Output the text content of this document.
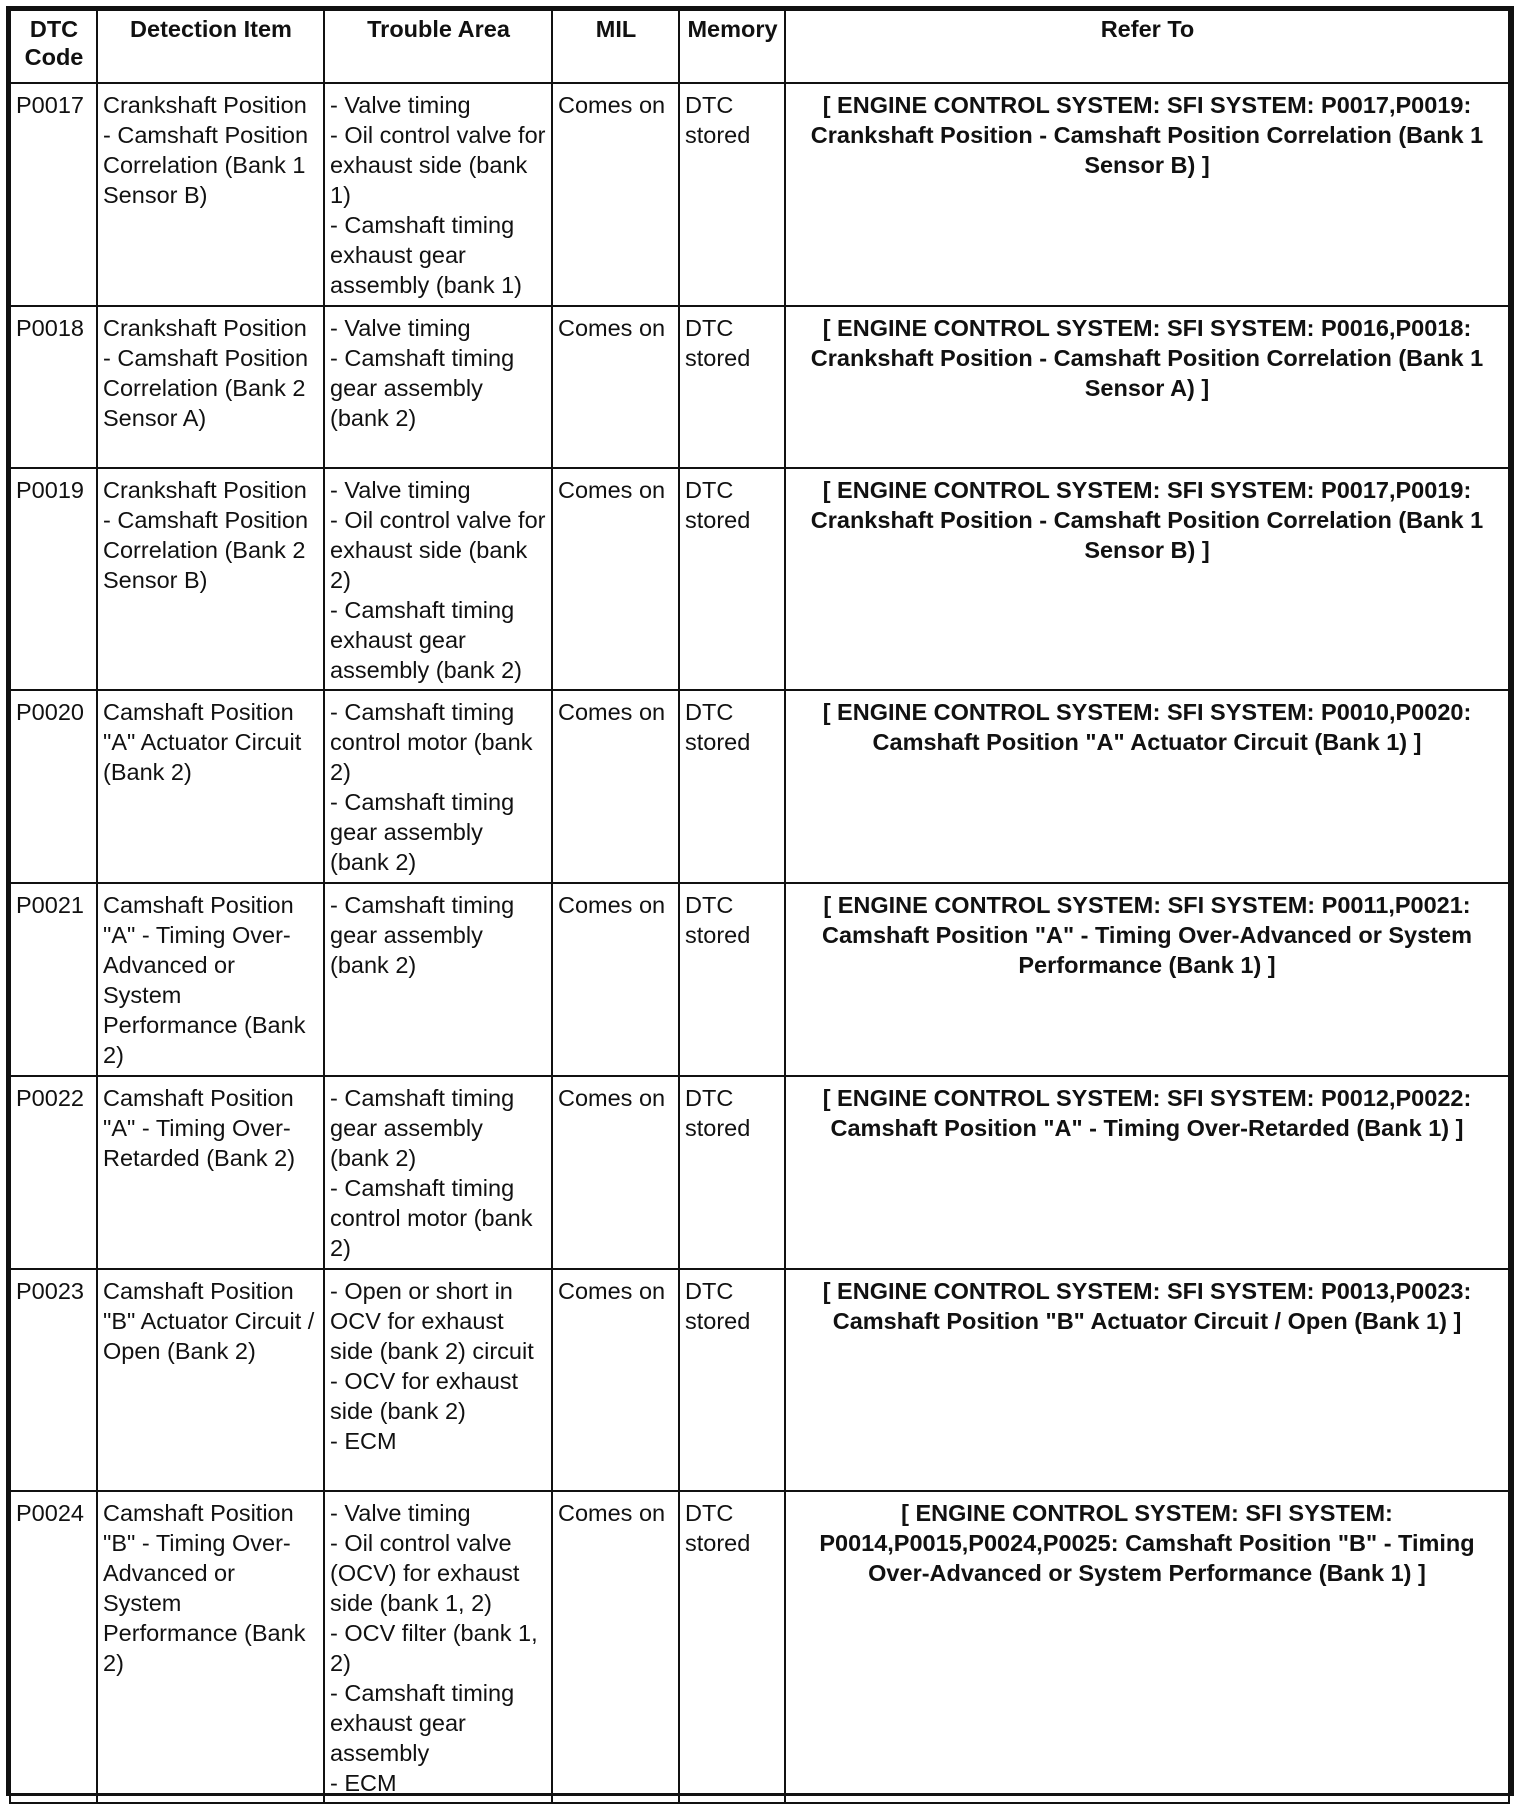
DTC Code	Detection Item	Trouble Area	MIL	Memory	Refer To
P0017	Crankshaft Position - Camshaft Position Correlation (Bank 1 Sensor B)	- Valve timing
- Oil control valve for exhaust side (bank 1)
- Camshaft timing exhaust gear assembly (bank 1)	Comes on	DTC stored	[ ENGINE CONTROL SYSTEM: SFI SYSTEM: P0017,P0019: Crankshaft Position - Camshaft Position Correlation (Bank 1 Sensor B) ]
P0018	Crankshaft Position - Camshaft Position Correlation (Bank 2 Sensor A)	- Valve timing
- Camshaft timing gear assembly (bank 2)	Comes on	DTC stored	[ ENGINE CONTROL SYSTEM: SFI SYSTEM: P0016,P0018: Crankshaft Position - Camshaft Position Correlation (Bank 1 Sensor A) ]
P0019	Crankshaft Position - Camshaft Position Correlation (Bank 2 Sensor B)	- Valve timing
- Oil control valve for exhaust side (bank 2)
- Camshaft timing exhaust gear assembly (bank 2)	Comes on	DTC stored	[ ENGINE CONTROL SYSTEM: SFI SYSTEM: P0017,P0019: Crankshaft Position - Camshaft Position Correlation (Bank 1 Sensor B) ]
P0020	Camshaft Position "A" Actuator Circuit (Bank 2)	- Camshaft timing control motor (bank 2)
- Camshaft timing gear assembly (bank 2)	Comes on	DTC stored	[ ENGINE CONTROL SYSTEM: SFI SYSTEM: P0010,P0020: Camshaft Position "A" Actuator Circuit (Bank 1) ]
P0021	Camshaft Position "A" - Timing Over-Advanced or System Performance (Bank 2)	- Camshaft timing gear assembly (bank 2)	Comes on	DTC stored	[ ENGINE CONTROL SYSTEM: SFI SYSTEM: P0011,P0021: Camshaft Position "A" - Timing Over-Advanced or System Performance (Bank 1) ]
P0022	Camshaft Position "A" - Timing Over-Retarded (Bank 2)	- Camshaft timing gear assembly (bank 2)
- Camshaft timing control motor (bank 2)	Comes on	DTC stored	[ ENGINE CONTROL SYSTEM: SFI SYSTEM: P0012,P0022: Camshaft Position "A" - Timing Over-Retarded (Bank 1) ]
P0023	Camshaft Position "B" Actuator Circuit / Open (Bank 2)	- Open or short in OCV for exhaust side (bank 2) circuit
- OCV for exhaust side (bank 2)
- ECM	Comes on	DTC stored	[ ENGINE CONTROL SYSTEM: SFI SYSTEM: P0013,P0023: Camshaft Position "B" Actuator Circuit / Open (Bank 1) ]
P0024	Camshaft Position "B" - Timing Over-Advanced or System Performance (Bank 2)	- Valve timing
- Oil control valve (OCV) for exhaust side (bank 1, 2)
- OCV filter (bank 1, 2)
- Camshaft timing exhaust gear assembly
- ECM	Comes on	DTC stored	[ ENGINE CONTROL SYSTEM: SFI SYSTEM: P0014,P0015,P0024,P0025: Camshaft Position "B" - Timing Over-Advanced or System Performance (Bank 1) ]
